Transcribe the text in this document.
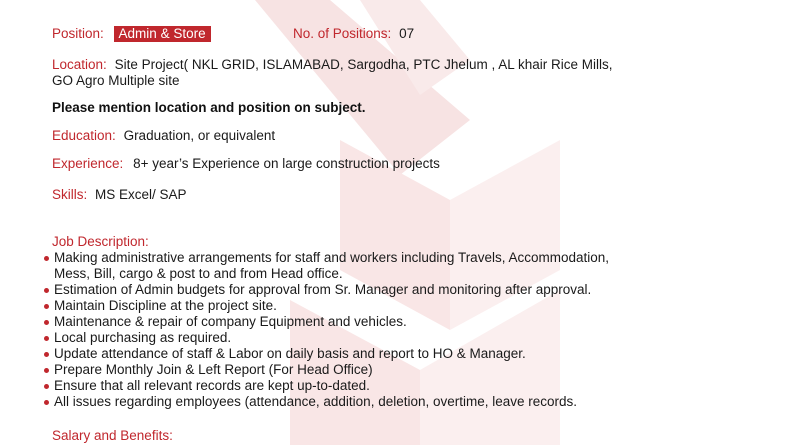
Position: Admin & Store	No. of Positions: 07
Location: Site Project( NKL GRID, ISLAMABAD, Sargodha, PTC Jhelum , AL khair Rice Mills,
GO Agro Multiple site
Please mention location and position on subject.
Education: Graduation, or equivalent
Experience: 8+ year’s Experience on large construction projects
Skills: MS Excel/ SAP
Job Description:
Making administrative arrangements for staff and workers including Travels, Accommodation,
Mess, Bill, cargo & post to and from Head office.
Estimation of Admin budgets for approval from Sr. Manager and monitoring after approval.
Maintain Discipline at the project site.
Maintenance & repair of company Equipment and vehicles.
Local purchasing as required.
Update attendance of staff & Labor on daily basis and report to HO & Manager.
Prepare Monthly Join & Left Report (For Head Office)
Ensure that all relevant records are kept up-to-dated.
All issues regarding employees (attendance, addition, deletion, overtime, leave records.
Salary and Benefits:
